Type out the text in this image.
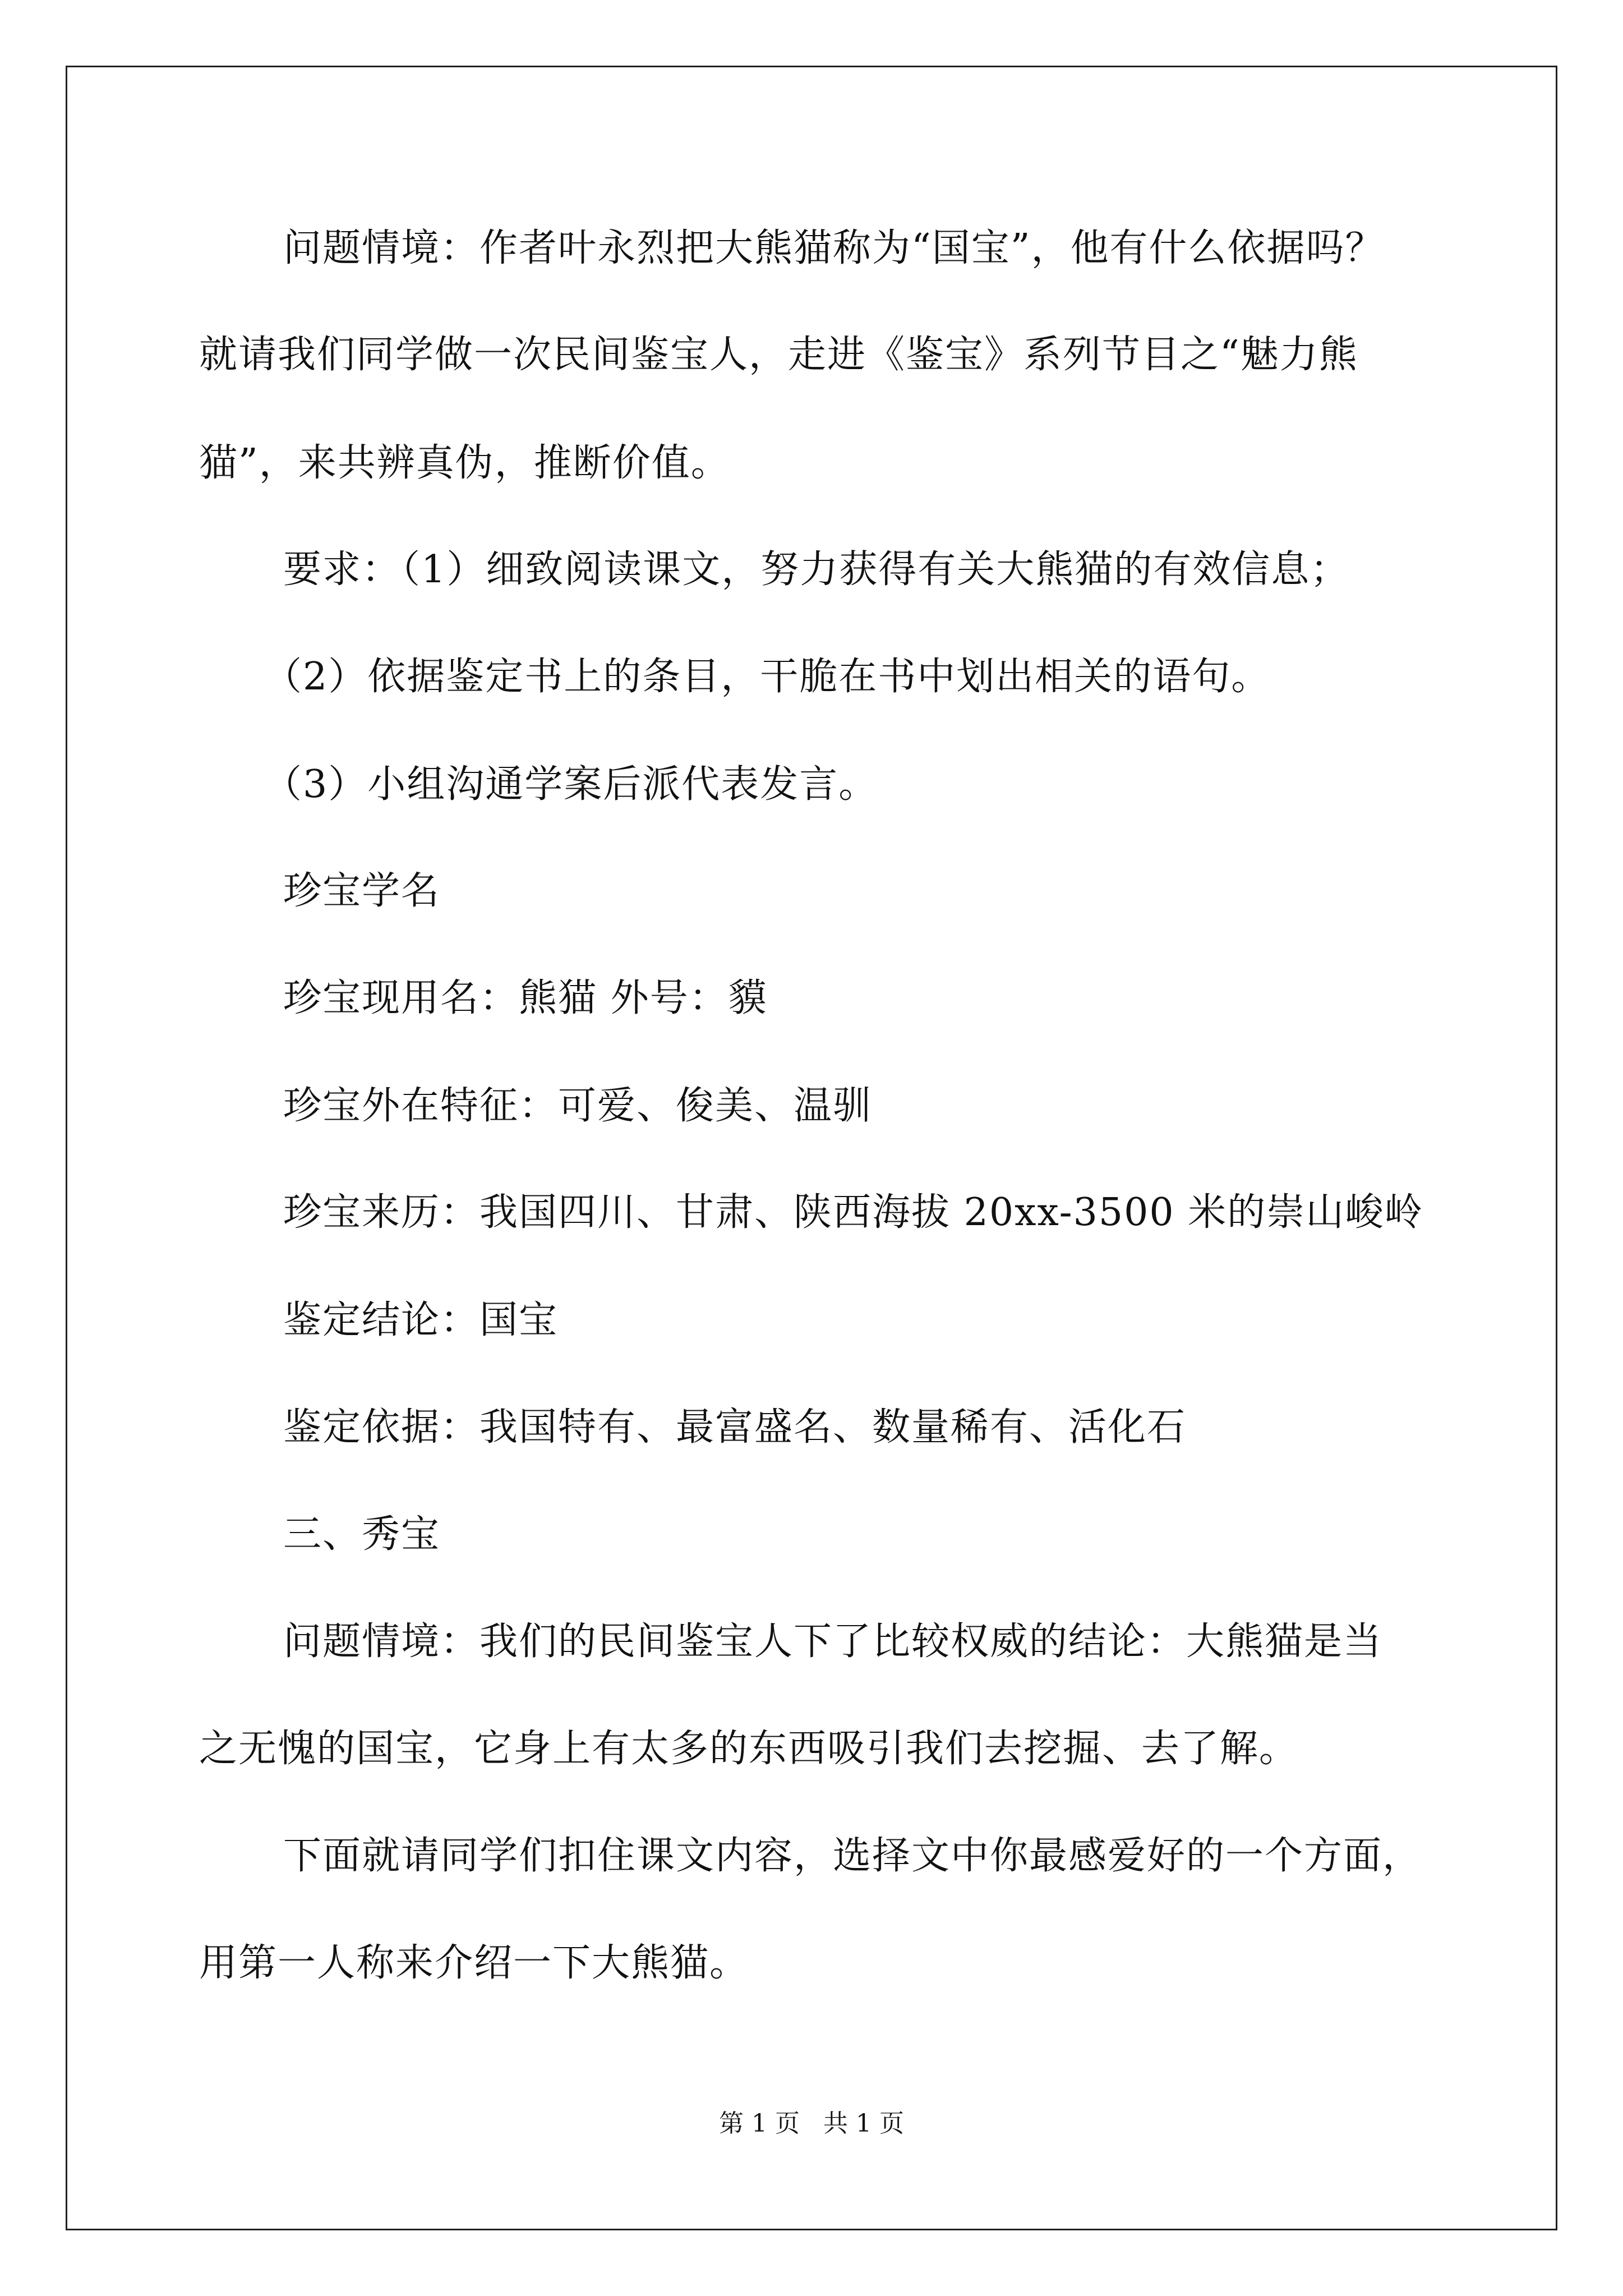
问题情境：作者叶永烈把大熊猫称为“国宝”，他有什么依据吗？
就请我们同学做一次民间鉴宝人，走进《鉴宝》系列节目之“魅力熊
猫”，来共辨真伪，推断价值。
要求：（1）细致阅读课文，努力获得有关大熊猫的有效信息；
（2）依据鉴定书上的条目，干脆在书中划出相关的语句。
（3）小组沟通学案后派代表发言。
珍宝学名
珍宝现用名：熊猫 外号：貘
珍宝外在特征：可爱、俊美、温驯
珍宝来历：我国四川、甘肃、陕西海拔 20xx-3500 米的崇山峻岭
鉴定结论：国宝
鉴定依据：我国特有、最富盛名、数量稀有、活化石
三、秀宝
问题情境：我们的民间鉴宝人下了比较权威的结论：大熊猫是当
之无愧的国宝，它身上有太多的东西吸引我们去挖掘、去了解。
下面就请同学们扣住课文内容，选择文中你最感爱好的一个方面，
用第一人称来介绍一下大熊猫。
第 1 页   共 1 页
